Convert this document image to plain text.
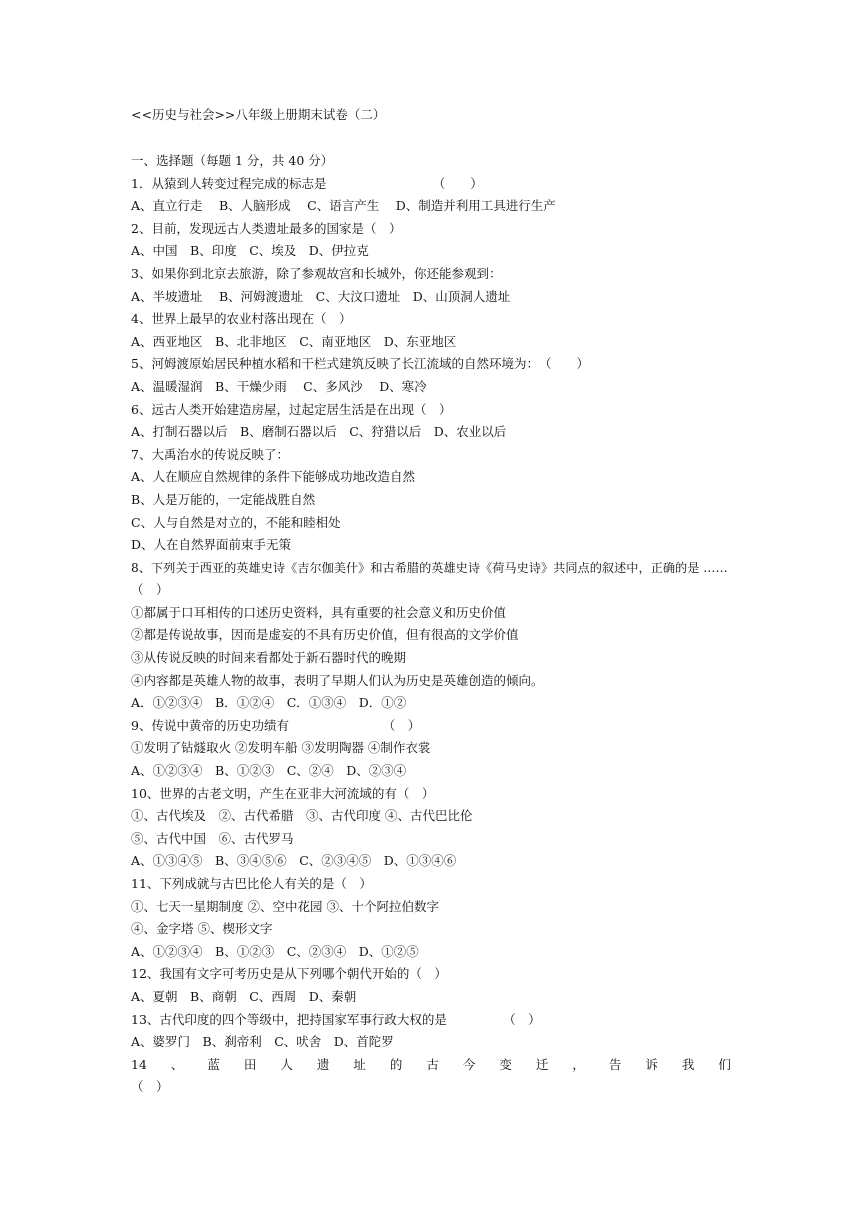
<<历史与社会>>八年级上册期末试卷（二）
一、选择题（每题 1 分，共 40 分）
1．从猿到人转变过程完成的标志是　　　　　　　　　（　　）
A、直立行走　 B、人脑形成　 C、语言产生　 D、制造并利用工具进行生产
2、目前，发现远古人类遗址最多的国家是（　）
A、中国　B、印度　C、埃及　D、伊拉克
3、如果你到北京去旅游，除了参观故宫和长城外，你还能参观到：
A、半坡遗址　 B、河姆渡遗址　C、大汶口遗址　D、山顶洞人遗址
4、世界上最早的农业村落出现在（　）
A、西亚地区　B、北非地区　C、南亚地区　D、东亚地区
5、河姆渡原始居民种植水稻和干栏式建筑反映了长江流域的自然环境为：　（　　）
A、温暖湿润　B、干燥少雨　 C、多风沙　 D、寒冷
6、远古人类开始建造房屋，过起定居生活是在出现（　）
A、打制石器以后　B、磨制石器以后　C、狩猎以后　D、农业以后
7、大禹治水的传说反映了：
A、人在顺应自然规律的条件下能够成功地改造自然
B、人是万能的，一定能战胜自然
C、人与自然是对立的，不能和睦相处
D、人在自然界面前束手无策
8、下列关于西亚的英雄史诗《吉尔伽美什》和古希腊的英雄史诗《荷马史诗》共同点的叙述中，正确的是 ……
（　）
①都属于口耳相传的口述历史资料，具有重要的社会意义和历史价值
②都是传说故事，因而是虚妄的不具有历史价值，但有很高的文学价值
③从传说反映的时间来看都处于新石器时代的晚期
④内容都是英雄人物的故事，表明了早期人们认为历史是英雄创造的倾向。
A．①②③④　B．①②④　C．①③④　D．①②
9、传说中黄帝的历史功绩有　　　　　　　　（　）
①发明了钻燧取火 ②发明车船 ③发明陶器 ④制作衣裳
A、①②③④　B、①②③　C、②④　D、②③④
10、世界的古老文明，产生在亚非大河流域的有（　）
①、古代埃及　②、古代希腊　③、古代印度 ④、古代巴比伦
⑤、古代中国　⑥、古代罗马
A、①③④⑤　B、③④⑤⑥　C、②③④⑤　D、①③④⑥
11、下列成就与古巴比伦人有关的是（　）
①、七天一星期制度 ②、空中花园 ③、十个阿拉伯数字
④、金字塔 ⑤、楔形文字
A、①②③④　B、①②③　C、②③④　D、①②⑤
12、我国有文字可考历史是从下列哪个朝代开始的（　）
A、夏朝　B、商朝　C、西周　D、秦朝
13、古代印度的四个等级中，把持国家军事行政大权的是　　　　　（　）
A、婆罗门　B、刹帝利　C、吠舍　D、首陀罗
14 、 蓝 田 人 遗 址 的 古 今 变 迁 ， 告 诉 我 们
（　）
